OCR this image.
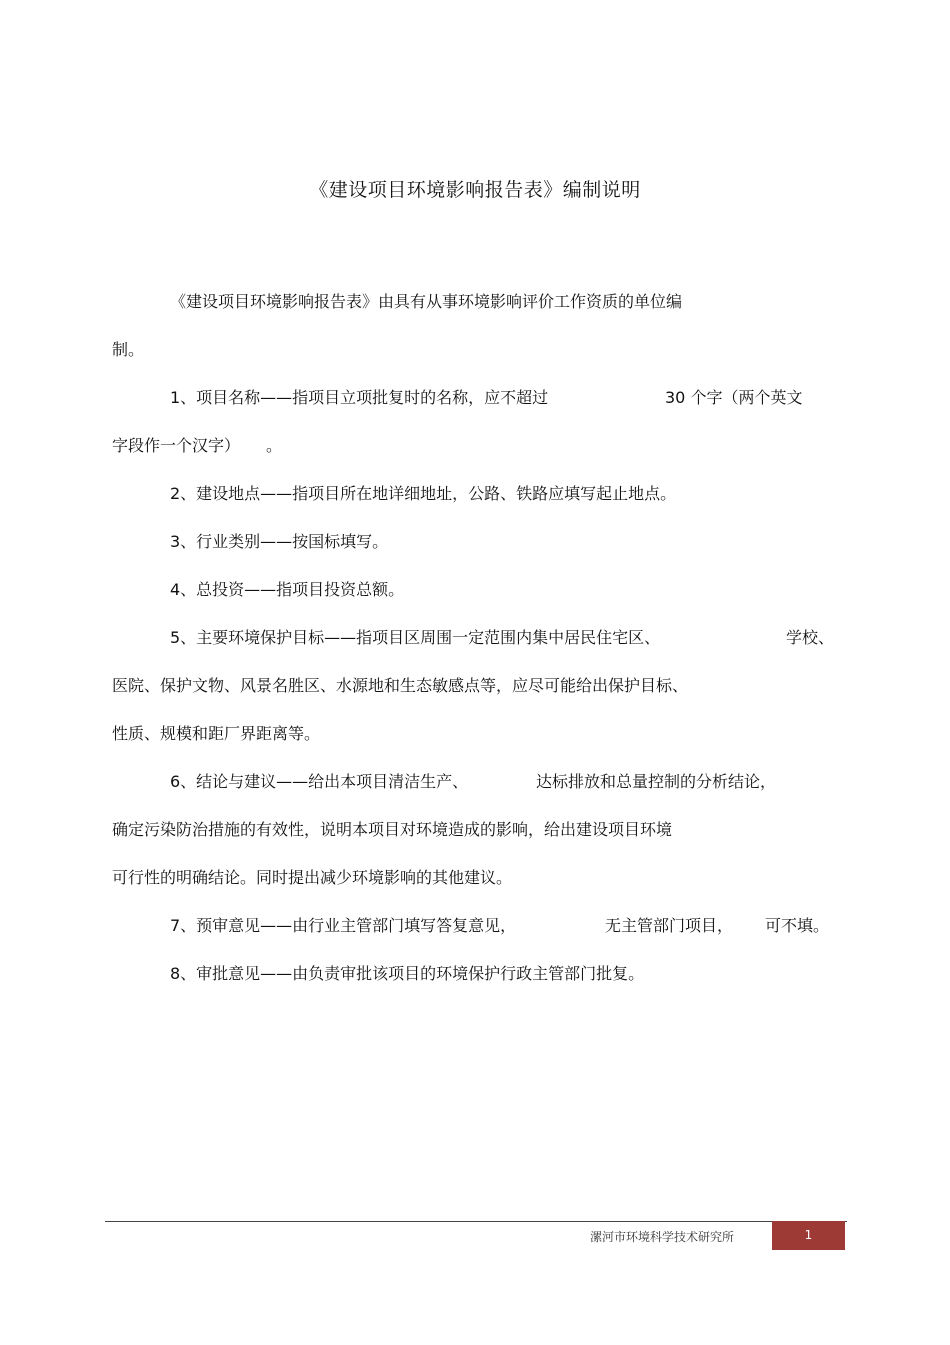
《建设项目环境影响报告表》编制说明
《建设项目环境影响报告表》由具有从事环境影响评价工作资质的单位编
制。
1、项目名称——指项目立项批复时的名称，应不超过	30 个字（两个英文
字段作一个汉字） 。
2、建设地点——指项目所在地详细地址，公路、铁路应填写起止地点。
3、行业类别——按国标填写。
4、总投资——指项目投资总额。
5、主要环境保护目标——指项目区周围一定范围内集中居民住宅区、	学校、
医院、保护文物、风景名胜区、水源地和生态敏感点等，应尽可能给出保护目标、
性质、规模和距厂界距离等。
6、结论与建议——给出本项目清洁生产、	达标排放和总量控制的分析结论，
确定污染防治措施的有效性，说明本项目对环境造成的影响，给出建设项目环境
可行性的明确结论。同时提出减少环境影响的其他建议。
7、预审意见——由行业主管部门填写答复意见，	无主管部门项目， 可不填。
8、审批意见——由负责审批该项目的环境保护行政主管部门批复。
漯河市环境科学技术研究所	1
